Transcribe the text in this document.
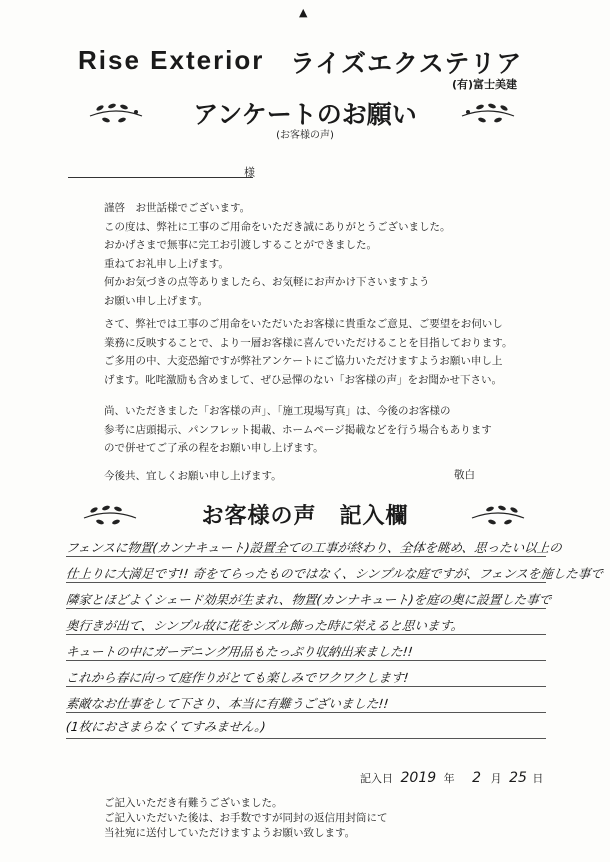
▲
Rise Exterior ライズエクステリア
(有)富士美建
アンケートのお願い
(お客様の声)
様

謹啓　お世話様でございます。

この度は、弊社に工事のご用命をいただき誠にありがとうございました。

おかげさまで無事に完工お引渡しすることができました。

重ねてお礼申し上げます。

何かお気づきの点等ありましたら、お気軽にお声かけ下さいますよう

お願い申し上げます。

さて、弊社では工事のご用命をいただいたお客様に貴重なご意見、ご要望をお伺いし

業務に反映することで、より一層お客様に喜んでいただけることを目指しております。

ご多用の中、大変恐縮ですが弊社アンケートにご協力いただけますようお願い申し上

げます。叱咤激励も含めまして、ぜひ忌憚のない「お客様の声」をお聞かせ下さい。

尚、いただきました「お客様の声」、「施工現場写真」は、今後のお客様の

参考に店頭掲示、パンフレット掲載、ホームページ掲載などを行う場合もあります

ので併せてご了承の程をお願い申し上げます。

今後共、宜しくお願い申し上げます。	敬白
お客様の声　記入欄
フェンスに物置(カンナキュート)設置全ての工事が終わり、全体を眺め、思ったい以上の
仕上りに大満足です!! 奇をてらったものではなく、シンプルな庭ですが、フェンスを施した事で
隣家とほどよくシェード効果が生まれ、物置(カンナキュート)を庭の奥に設置した事で
奥行きが出て、シンプル故に花をシズル飾った時に栄えると思います。
キュートの中にガーデニング用品もたっぷり収納出来ました!!
これから春に向って庭作りがとても楽しみでワクワクします!
素敵なお仕事をして下さり、本当に有難うございました!!
(1枚におさまらなくてすみません。)
記入日 2019 年 2 月 25 日

ご記入いただき有難うございました。

ご記入いただいた後は、お手数ですが同封の返信用封筒にて

当社宛に送付していただけますようお願い致します。
